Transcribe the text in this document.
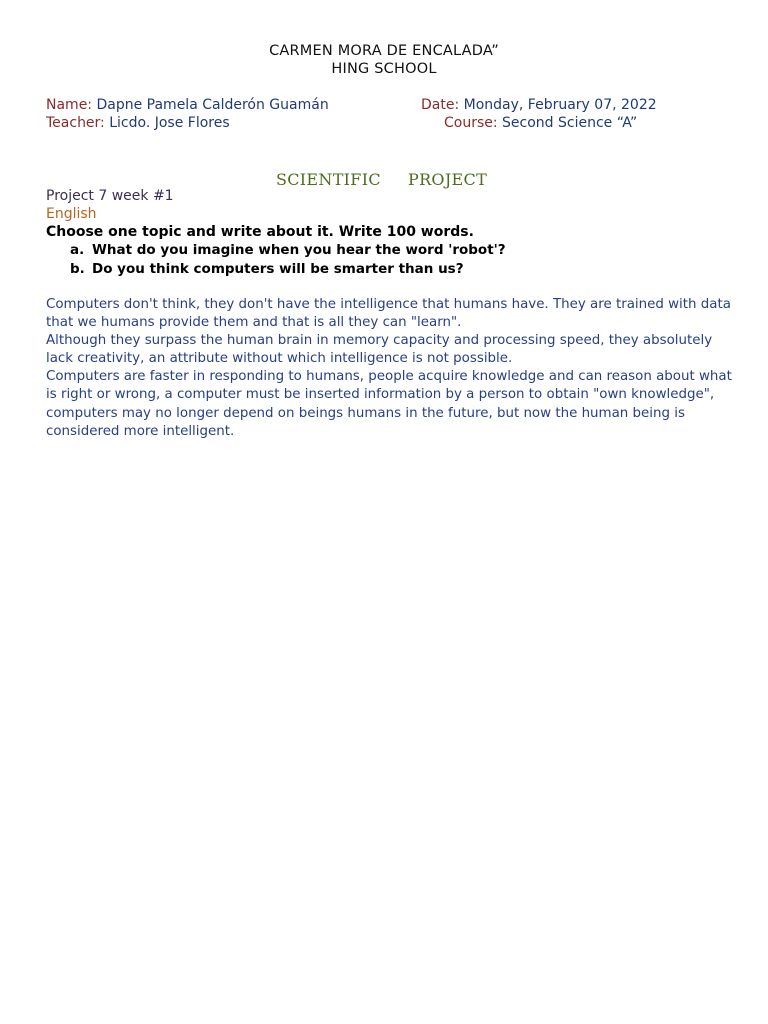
CARMEN MORA DE ENCALADA”
HING SCHOOL
Name: Dapne Pamela Calderón Guamán	Date: Monday, February 07, 2022
Teacher: Licdo. Jose Flores	Course: Second Science “A”
SCIENTIFIC PROJECT
Project 7 week #1
English
Choose one topic and write about it. Write 100 words.
a. What do you imagine when you hear the word 'robot'?
b. Do you think computers will be smarter than us?

Computers don't think, they don't have the intelligence that humans have. They are trained with data that we humans provide them and that is all they can "learn".

Although they surpass the human brain in memory capacity and processing speed, they absolutely lack creativity, an attribute without which intelligence is not possible.

Computers are faster in responding to humans, people acquire knowledge and can reason about what is right or wrong, a computer must be inserted information by a person to obtain "own knowledge", computers may no longer depend on beings humans in the future, but now the human being is considered more intelligent.
